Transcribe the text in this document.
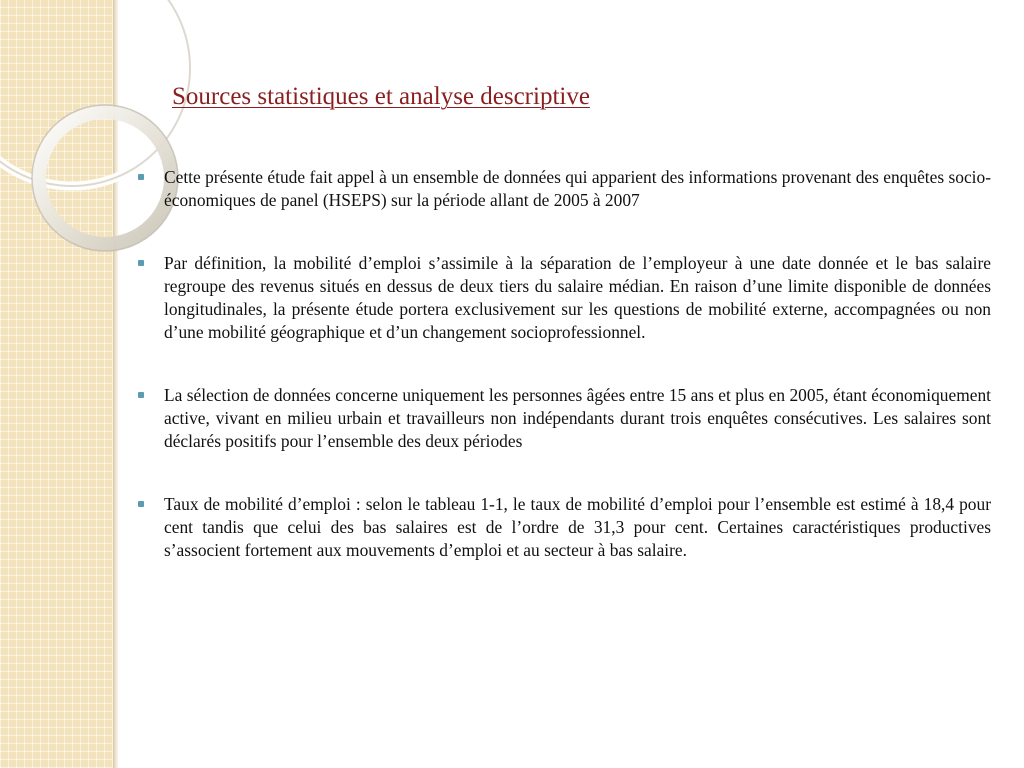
Sources statistiques et analyse descriptive
Cette présente étude fait appel à un ensemble de données qui apparient des informations provenant des enquêtes socio-économiques de panel (HSEPS) sur la période allant de 2005 à 2007
Par définition, la mobilité d’emploi s’assimile à la séparation de l’employeur à une date donnée et le bas salaire regroupe des revenus situés en dessus de deux tiers du salaire médian. En raison d’une limite disponible de données longitudinales, la présente étude portera exclusivement sur les questions de mobilité externe, accompagnées ou non d’une mobilité géographique et d’un changement socioprofessionnel.
La sélection de données concerne uniquement les personnes âgées entre 15 ans et plus en 2005, étant économiquement active, vivant en milieu urbain et travailleurs non indépendants durant trois enquêtes consécutives. Les salaires sont déclarés positifs pour l’ensemble des deux périodes
Taux de mobilité d’emploi : selon le tableau 1-1, le taux de mobilité d’emploi pour l’ensemble est estimé à 18,4 pour cent tandis que celui des bas salaires est de l’ordre de 31,3 pour cent. Certaines caractéristiques productives s’associent fortement aux mouvements d’emploi et au secteur à bas salaire.
